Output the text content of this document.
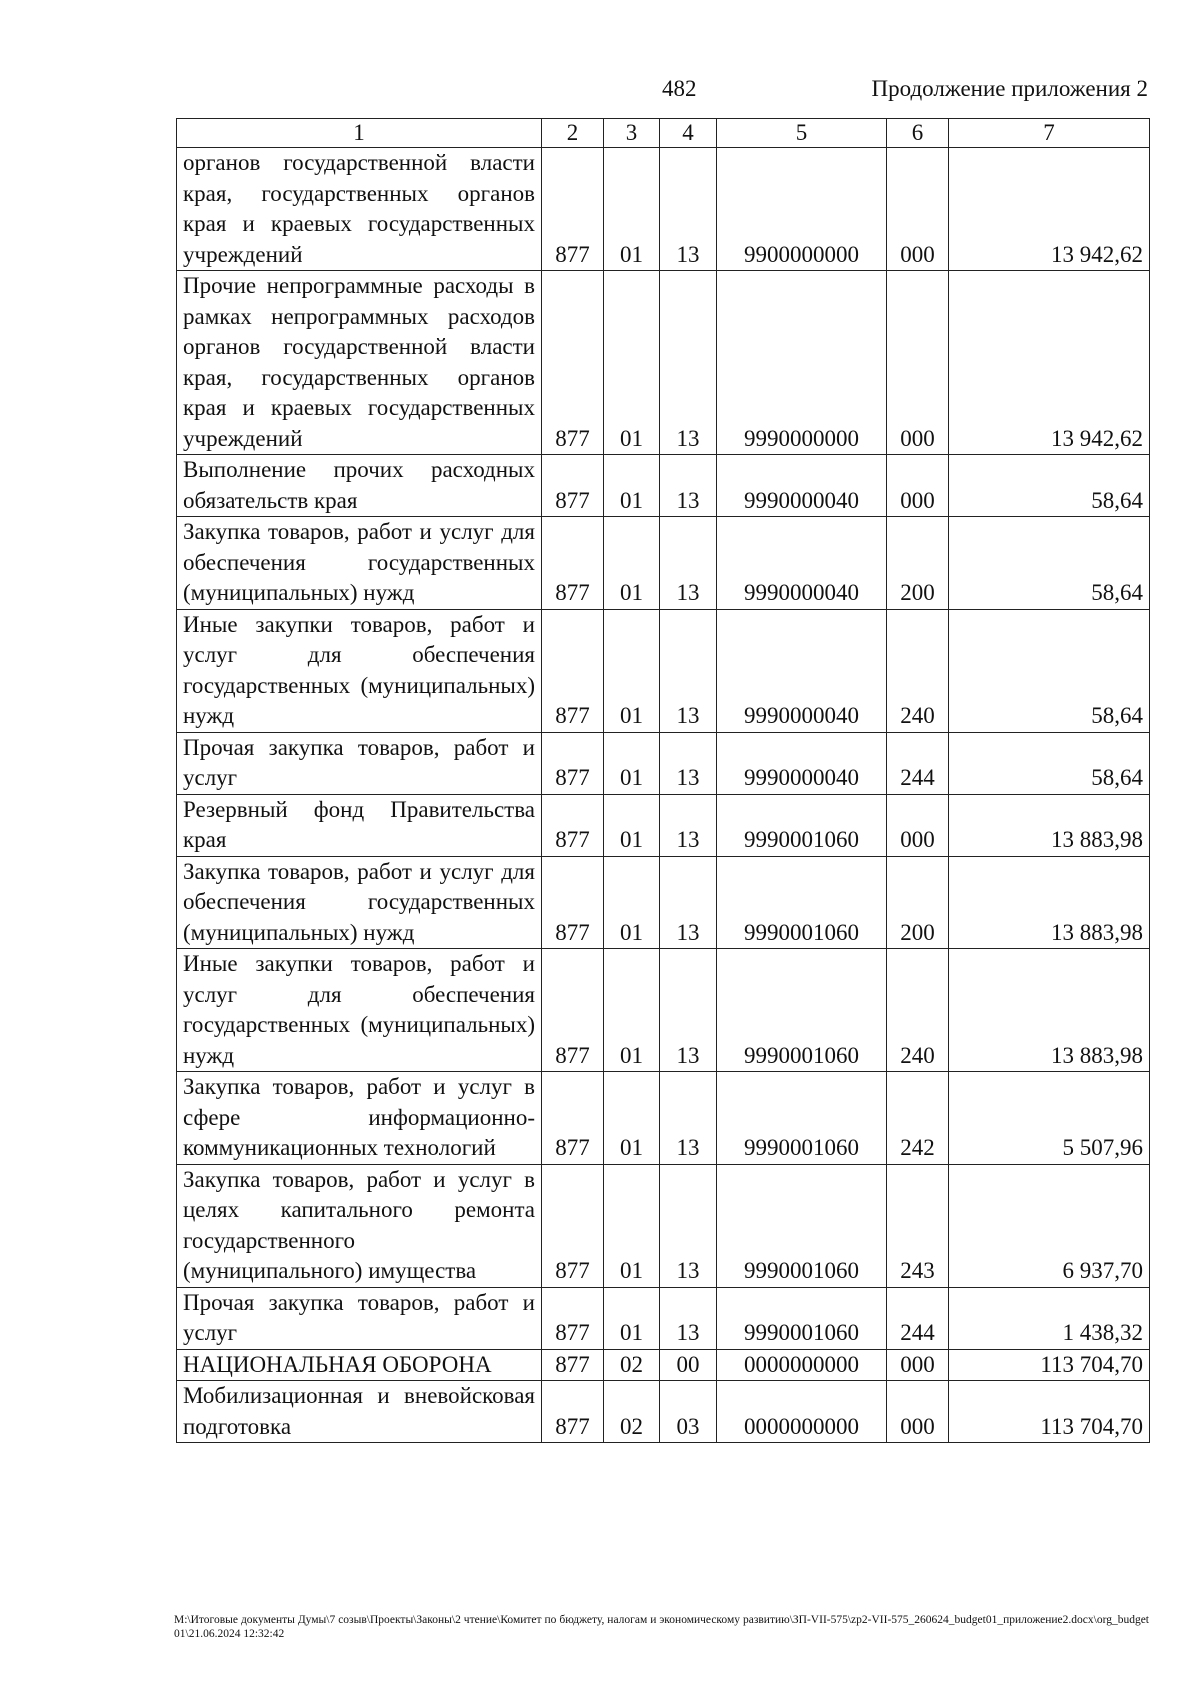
482	Продолжение приложения 2
1	2	3	4	5	6	7
органов государственной власти края, государственных органов края и краевых государственных учреждений	877	01	13	9900000000	000	13 942,62
Прочие непрограммные расходы в рамках непрограммных расходов органов государственной власти края, государственных органов края и краевых государственных учреждений	877	01	13	9990000000	000	13 942,62
Выполнение прочих расходных обязательств края	877	01	13	9990000040	000	58,64
Закупка товаров, работ и услуг для обеспечения государственных (муниципальных) нужд	877	01	13	9990000040	200	58,64
Иные закупки товаров, работ и услуг для обеспечения государственных (муниципальных) нужд	877	01	13	9990000040	240	58,64
Прочая закупка товаров, работ и услуг	877	01	13	9990000040	244	58,64
Резервный фонд Правительства края	877	01	13	9990001060	000	13 883,98
Закупка товаров, работ и услуг для обеспечения государственных (муниципальных) нужд	877	01	13	9990001060	200	13 883,98
Иные закупки товаров, работ и услуг для обеспечения государственных (муниципальных) нужд	877	01	13	9990001060	240	13 883,98
Закупка товаров, работ и услуг в сфере информационно-коммуникационных технологий	877	01	13	9990001060	242	5 507,96
Закупка товаров, работ и услуг в целях капитального ремонта государственного (муниципального) имущества	877	01	13	9990001060	243	6 937,70
Прочая закупка товаров, работ и услуг	877	01	13	9990001060	244	1 438,32
НАЦИОНАЛЬНАЯ ОБОРОНА	877	02	00	0000000000	000	113 704,70
Мобилизационная и вневойсковая подготовка	877	02	03	0000000000	000	113 704,70
M:\Итоговые документы Думы\7 созыв\Проекты\Законы\2 чтение\Комитет по бюджету, налогам и экономическому развитию\ЗП-VII-575\zp2-VII-575_260624_budget01_приложение2.docx\org_budget01\21.06.2024 12:32:42
